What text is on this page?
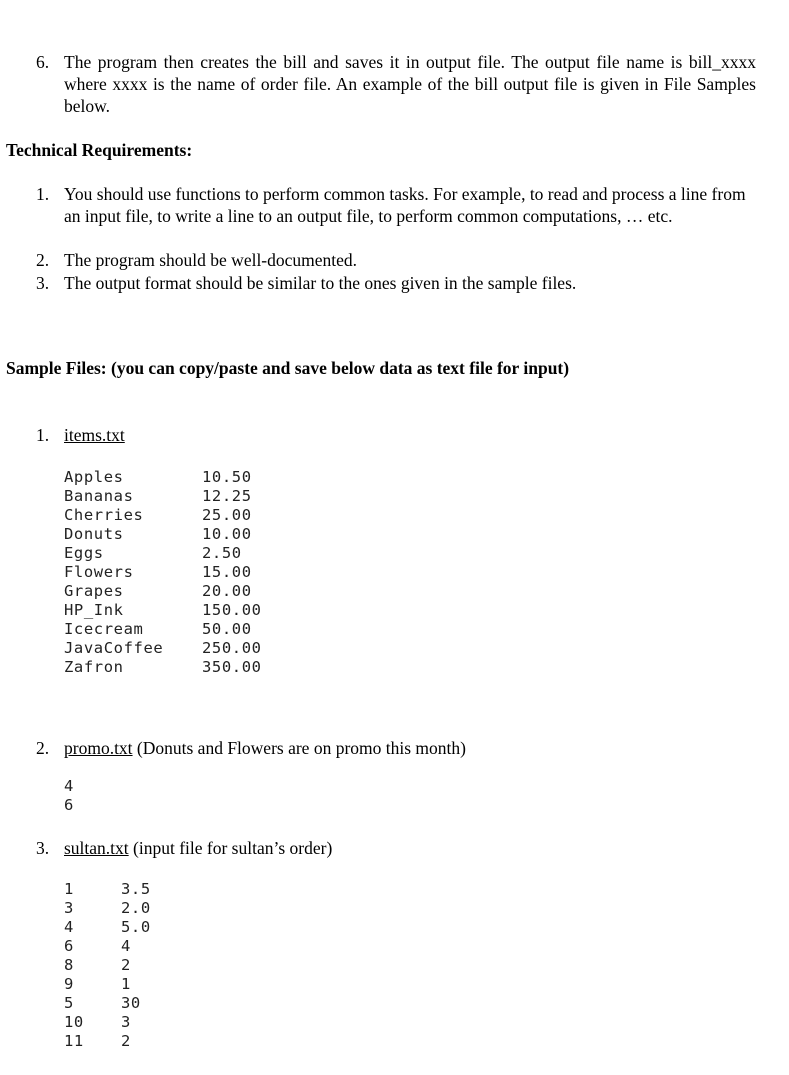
6. The program then creates the bill and saves it in output file. The output file name is bill_xxxx where xxxx is the name of order file. An example of the bill output file is given in File Samples below.

Technical Requirements:
1. You should use functions to perform common tasks. For example, to read and process a line from an input file, to write a line to an output file, to perform common computations, … etc.

2. The program should be well-documented.

3. The output format should be similar to the ones given in the sample files.

Sample Files: (you can copy/paste and save below data as text file for input)
1. items.txt
Apples	10.50
Bananas	12.25
Cherries	25.00
Donuts	10.00
Eggs	2.50
Flowers	15.00
Grapes	20.00
HP_Ink	150.00
Icecream	50.00
JavaCoffee 250.00
Zafron	350.00
2. promo.txt (Donuts and Flowers are on promo this month)
4
6
3. sultan.txt (input file for sultan’s order)
1	3.5
3	2.0
4	5.0
6	4
8	2
9	1
5	30
10 3
11 2
